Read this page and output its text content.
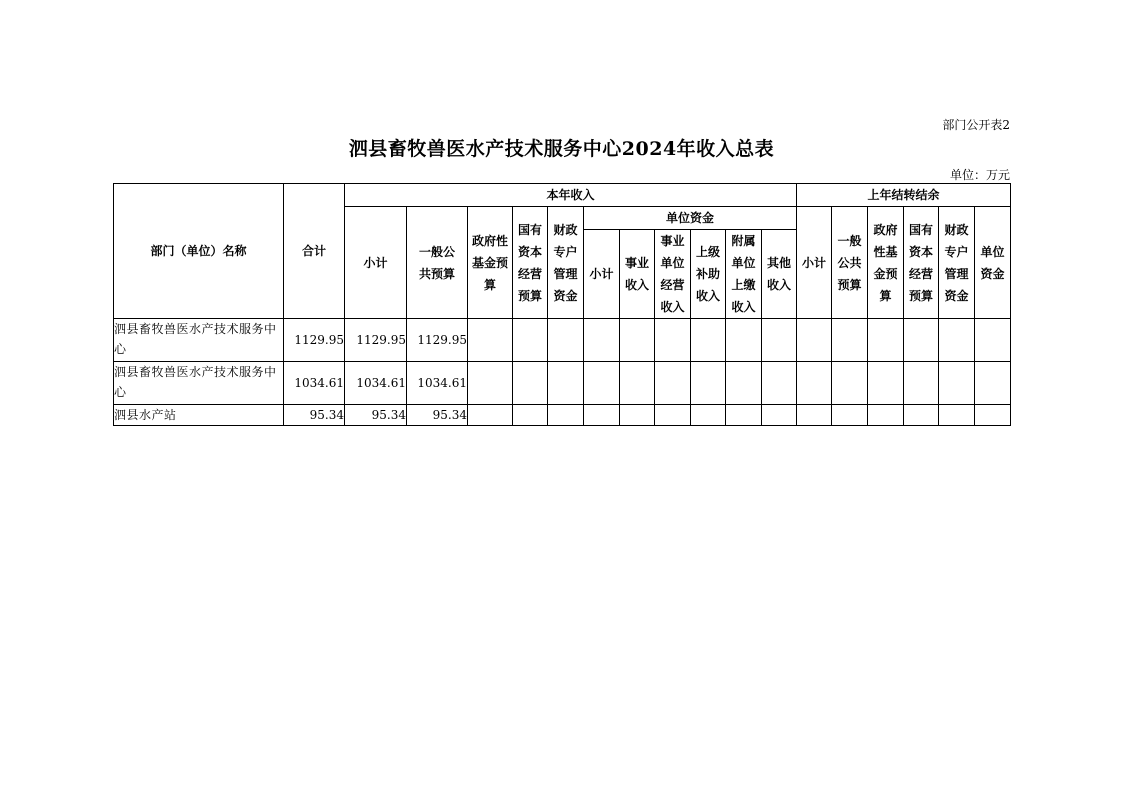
部门公开表2
泗县畜牧兽医水产技术服务中心2024年收入总表
单位：万元
部门（单位）名称	合计	本年收入											上年结转结余					
		小计	一般公共预算	政府性基金预算	国有资本经营预算	财政专户管理资金	单位资金						小计	一般公共预算	政府性基金预算	国有资本经营预算	财政专户管理资金	单位资金
							小计	事业收入	事业单位经营收入	上级补助收入	附属单位上缴收入	其他收入						
泗县畜牧兽医水产技术服务中心	1129.95	1129.95	1129.95															
泗县畜牧兽医水产技术服务中心	1034.61	1034.61	1034.61															
泗县水产站	95.34	95.34	95.34															
